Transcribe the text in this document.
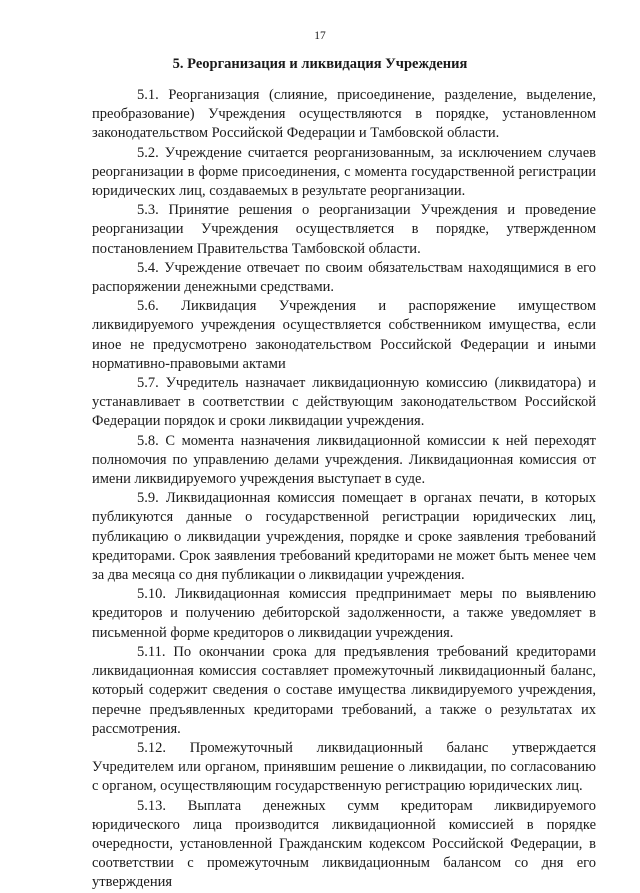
17
5. Реорганизация и ликвидация Учреждения

5.1. Реорганизация (слияние, присоединение, разделение, выделение, преобразование) Учреждения осуществляются в порядке, установленном законодательством Российской Федерации и Тамбовской области.

5.2. Учреждение считается реорганизованным, за исключением случаев реорганизации в форме присоединения, с момента государственной регистрации юридических лиц, создаваемых в результате реорганизации.

5.3. Принятие решения о реорганизации Учреждения и проведение реорганизации Учреждения осуществляется в порядке, утвержденном постановлением Правительства Тамбовской области.

5.4. Учреждение отвечает по своим обязательствам находящимися в его распоряжении денежными средствами.

5.6. Ликвидация Учреждения и распоряжение имуществом ликвидируемого учреждения осуществляется собственником имущества, если иное не предусмотрено законодательством Российской Федерации и иными нормативно-правовыми актами

5.7. Учредитель назначает ликвидационную комиссию (ликвидатора) и устанавливает в соответствии с действующим законодательством Российской Федерации порядок и сроки ликвидации учреждения.

5.8. С момента назначения ликвидационной комиссии к ней переходят полномочия по управлению делами учреждения. Ликвидационная комиссия от имени ликвидируемого учреждения выступает в суде.

5.9. Ликвидационная комиссия помещает в органах печати, в которых публикуются данные о государственной регистрации юридических лиц, публикацию о ликвидации учреждения, порядке и сроке заявления требований кредиторами. Срок заявления требований кредиторами не может быть менее чем за два месяца со дня публикации о ликвидации учреждения.

5.10. Ликвидационная комиссия предпринимает меры по выявлению кредиторов и получению дебиторской задолженности, а также уведомляет в письменной форме кредиторов о ликвидации учреждения.

5.11. По окончании срока для предъявления требований кредиторами ликвидационная комиссия составляет промежуточный ликвидационный баланс, который содержит сведения о составе имущества ликвидируемого учреждения, перечне предъявленных кредиторами требований, а также о результатах их рассмотрения.

5.12. Промежуточный ликвидационный баланс утверждается Учредителем или органом, принявшим решение о ликвидации, по согласованию с органом, осуществляющим государственную регистрацию юридических лиц.

5.13. Выплата денежных сумм кредиторам ликвидируемого юридического лица производится ликвидационной комиссией в порядке очередности, установленной Гражданским кодексом Российской Федерации, в соответствии с промежуточным ликвидационным балансом со дня его утверждения
